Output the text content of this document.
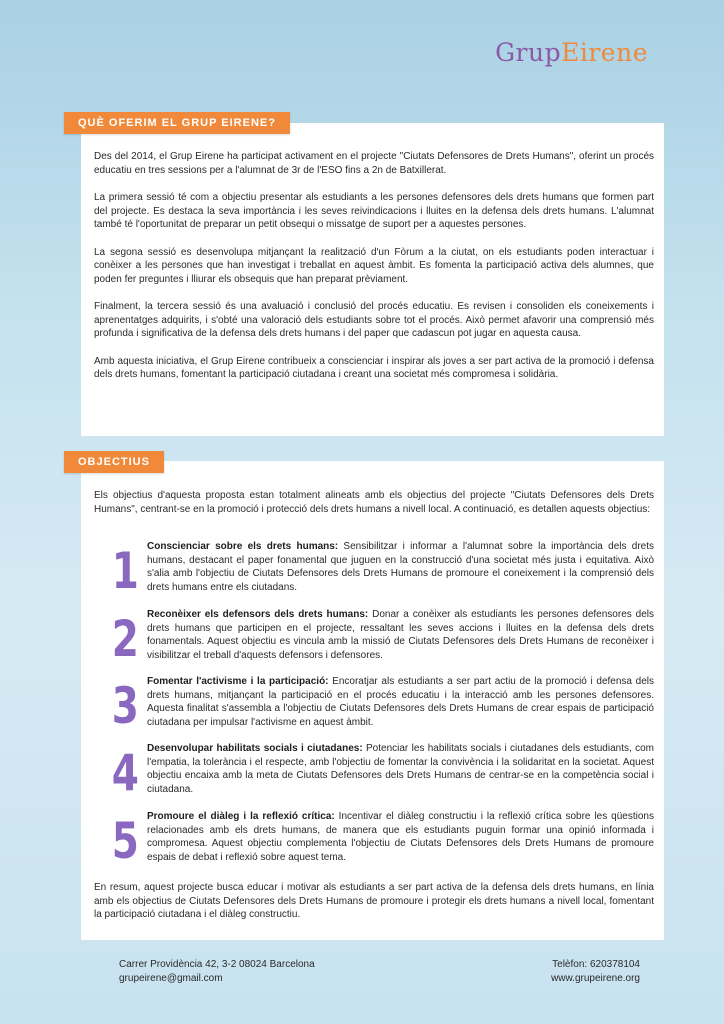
GrupEirene
QUÈ OFERIM EL GRUP EIRENE?

Des del 2014, el Grup Eirene ha participat activament en el projecte "Ciutats Defensores de Drets Humans", oferint un procés educatiu en tres sessions per a l'alumnat de 3r de l'ESO fins a 2n de Batxillerat.

La primera sessió té com a objectiu presentar als estudiants a les persones defensores dels drets humans que formen part del projecte. Es destaca la seva importància i les seves reivindicacions i lluites en la defensa dels drets humans. L'alumnat també té l'oportunitat de preparar un petit obsequi o missatge de suport per a aquestes persones.

La segona sessió es desenvolupa mitjançant la realització d'un Fòrum a la ciutat, on els estudiants poden interactuar i conèixer a les persones que han investigat i treballat en aquest àmbit. Es fomenta la participació activa dels alumnes, que poden fer preguntes i lliurar els obsequis que han preparat prèviament.

Finalment, la tercera sessió és una avaluació i conclusió del procés educatiu. Es revisen i consoliden els coneixements i aprenentatges adquirits, i s'obté una valoració dels estudiants sobre tot el procés. Això permet afavorir una comprensió més profunda i significativa de la defensa dels drets humans i del paper que cadascun pot jugar en aquesta causa.

Amb aquesta iniciativa, el Grup Eirene contribueix a conscienciar i inspirar als joves a ser part activa de la promoció i defensa dels drets humans, fomentant la participació ciutadana i creant una societat més compromesa i solidària.

OBJECTIUS
Els objectius d'aquesta proposta estan totalment alineats amb els objectius del projecte "Ciutats Defensores dels Drets Humans", centrant-se en la promoció i protecció dels drets humans a nivell local. A continuació, es detallen aquests objectius:
1 Conscienciar sobre els drets humans: Sensibilitzar i informar a l'alumnat sobre la importància dels drets humans, destacant el paper fonamental que juguen en la construcció d'una societat més justa i equitativa. Això s'alia amb l'objectiu de Ciutats Defensores dels Drets Humans de promoure el coneixement i la comprensió dels drets humans entre els ciutadans.
2 Reconèixer els defensors dels drets humans: Donar a conèixer als estudiants les persones defensores dels drets humans que participen en el projecte, ressaltant les seves accions i lluites en la defensa dels drets fonamentals. Aquest objectiu es vincula amb la missió de Ciutats Defensores dels Drets Humans de reconèixer i visibilitzar el treball d'aquests defensors i defensores.
3 Fomentar l'activisme i la participació: Encoratjar als estudiants a ser part actiu de la promoció i defensa dels drets humans, mitjançant la participació en el procés educatiu i la interacció amb les persones defensores. Aquesta finalitat s'assembla a l'objectiu de Ciutats Defensores dels Drets Humans de crear espais de participació ciutadana per impulsar l'activisme en aquest àmbit.
4 Desenvolupar habilitats socials i ciutadanes: Potenciar les habilitats socials i ciutadanes dels estudiants, com l'empatia, la tolerància i el respecte, amb l'objectiu de fomentar la convivència i la solidaritat en la societat. Aquest objectiu encaixa amb la meta de Ciutats Defensores dels Drets Humans de centrar-se en la competència social i ciutadana.
5 Promoure el diàleg i la reflexió crítica: Incentivar el diàleg constructiu i la reflexió crítica sobre les qüestions relacionades amb els drets humans, de manera que els estudiants puguin formar una opinió informada i compromesa. Aquest objectiu complementa l'objectiu de Ciutats Defensores dels Drets Humans de promoure espais de debat i reflexió sobre aquest tema.
En resum, aquest projecte busca educar i motivar als estudiants a ser part activa de la defensa dels drets humans, en línia amb els objectius de Ciutats Defensores dels Drets Humans de promoure i protegir els drets humans a nivell local, fomentant la participació ciutadana i el diàleg constructiu.
Carrer Providència 42, 3-2 08024 Barcelona
grupeirene@gmail.com
Telèfon: 620378104
www.grupeirene.org
